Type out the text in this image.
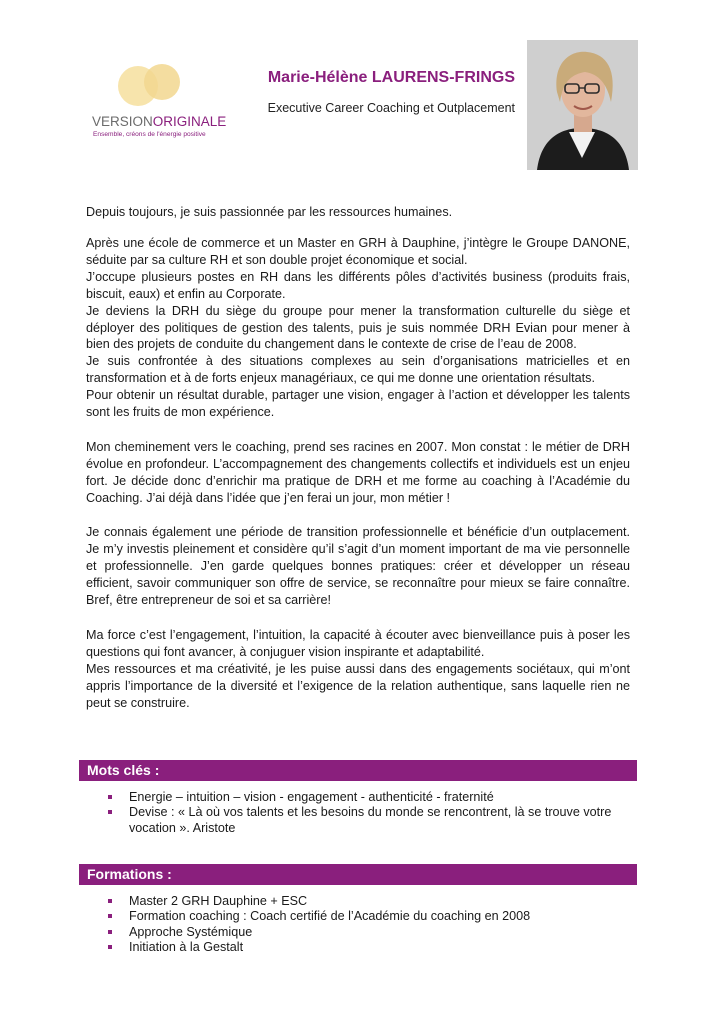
VERSIONORIGINALE
Ensemble, créons de l'énergie positive
Marie-Hélène LAURENS-FRINGS
Executive Career Coaching et Outplacement

Depuis toujours, je suis passionnée par les ressources humaines.

Après une école de commerce et un Master en GRH à Dauphine, j’intègre le Groupe DANONE, séduite par sa culture RH et son double projet économique et social.

J’occupe plusieurs postes en RH dans les différents pôles d’activités business (produits frais, biscuit, eaux) et enfin au Corporate.

Je deviens la DRH du siège du groupe pour mener la transformation culturelle du siège et déployer des politiques de gestion des talents, puis je suis nommée DRH Evian pour mener à bien des projets de conduite du changement dans le contexte de crise de l’eau de 2008.

Je suis confrontée à des situations complexes au sein d’organisations matricielles et en transformation et à de forts enjeux managériaux, ce qui me donne une orientation résultats.

Pour obtenir un résultat durable, partager une vision, engager à l’action et développer les talents sont les fruits de mon expérience.

Mon cheminement vers le coaching, prend ses racines en 2007. Mon constat : le métier de DRH évolue en profondeur. L’accompagnement des changements collectifs et individuels est un enjeu fort. Je décide donc d’enrichir ma pratique de DRH et me forme au coaching à l’Académie du Coaching. J’ai déjà dans l’idée que j’en ferai un jour, mon métier !

Je connais également une période de transition professionnelle et bénéficie d’un outplacement. Je m’y investis pleinement et considère qu’il s’agit d’un moment important de ma vie personnelle et professionnelle. J’en garde quelques bonnes pratiques: créer et développer un réseau efficient, savoir communiquer son offre de service, se reconnaître pour mieux se faire connaître. Bref, être entrepreneur de soi et sa carrière!

Ma force c’est l’engagement, l’intuition, la capacité à écouter avec bienveillance puis à poser les questions qui font avancer, à conjuguer vision inspirante et adaptabilité.

Mes ressources et ma créativité, je les puise aussi dans des engagements sociétaux, qui m’ont appris l’importance de la diversité et l’exigence de la relation authentique, sans laquelle rien ne peut se construire.

Mots clés :
Energie – intuition – vision - engagement - authenticité - fraternité
Devise : « Là où vos talents et les besoins du monde se rencontrent, là se trouve votre vocation ». Aristote
Formations :
Master 2 GRH Dauphine + ESC
Formation coaching : Coach certifié de l’Académie du coaching en 2008
Approche Systémique
Initiation à la Gestalt
